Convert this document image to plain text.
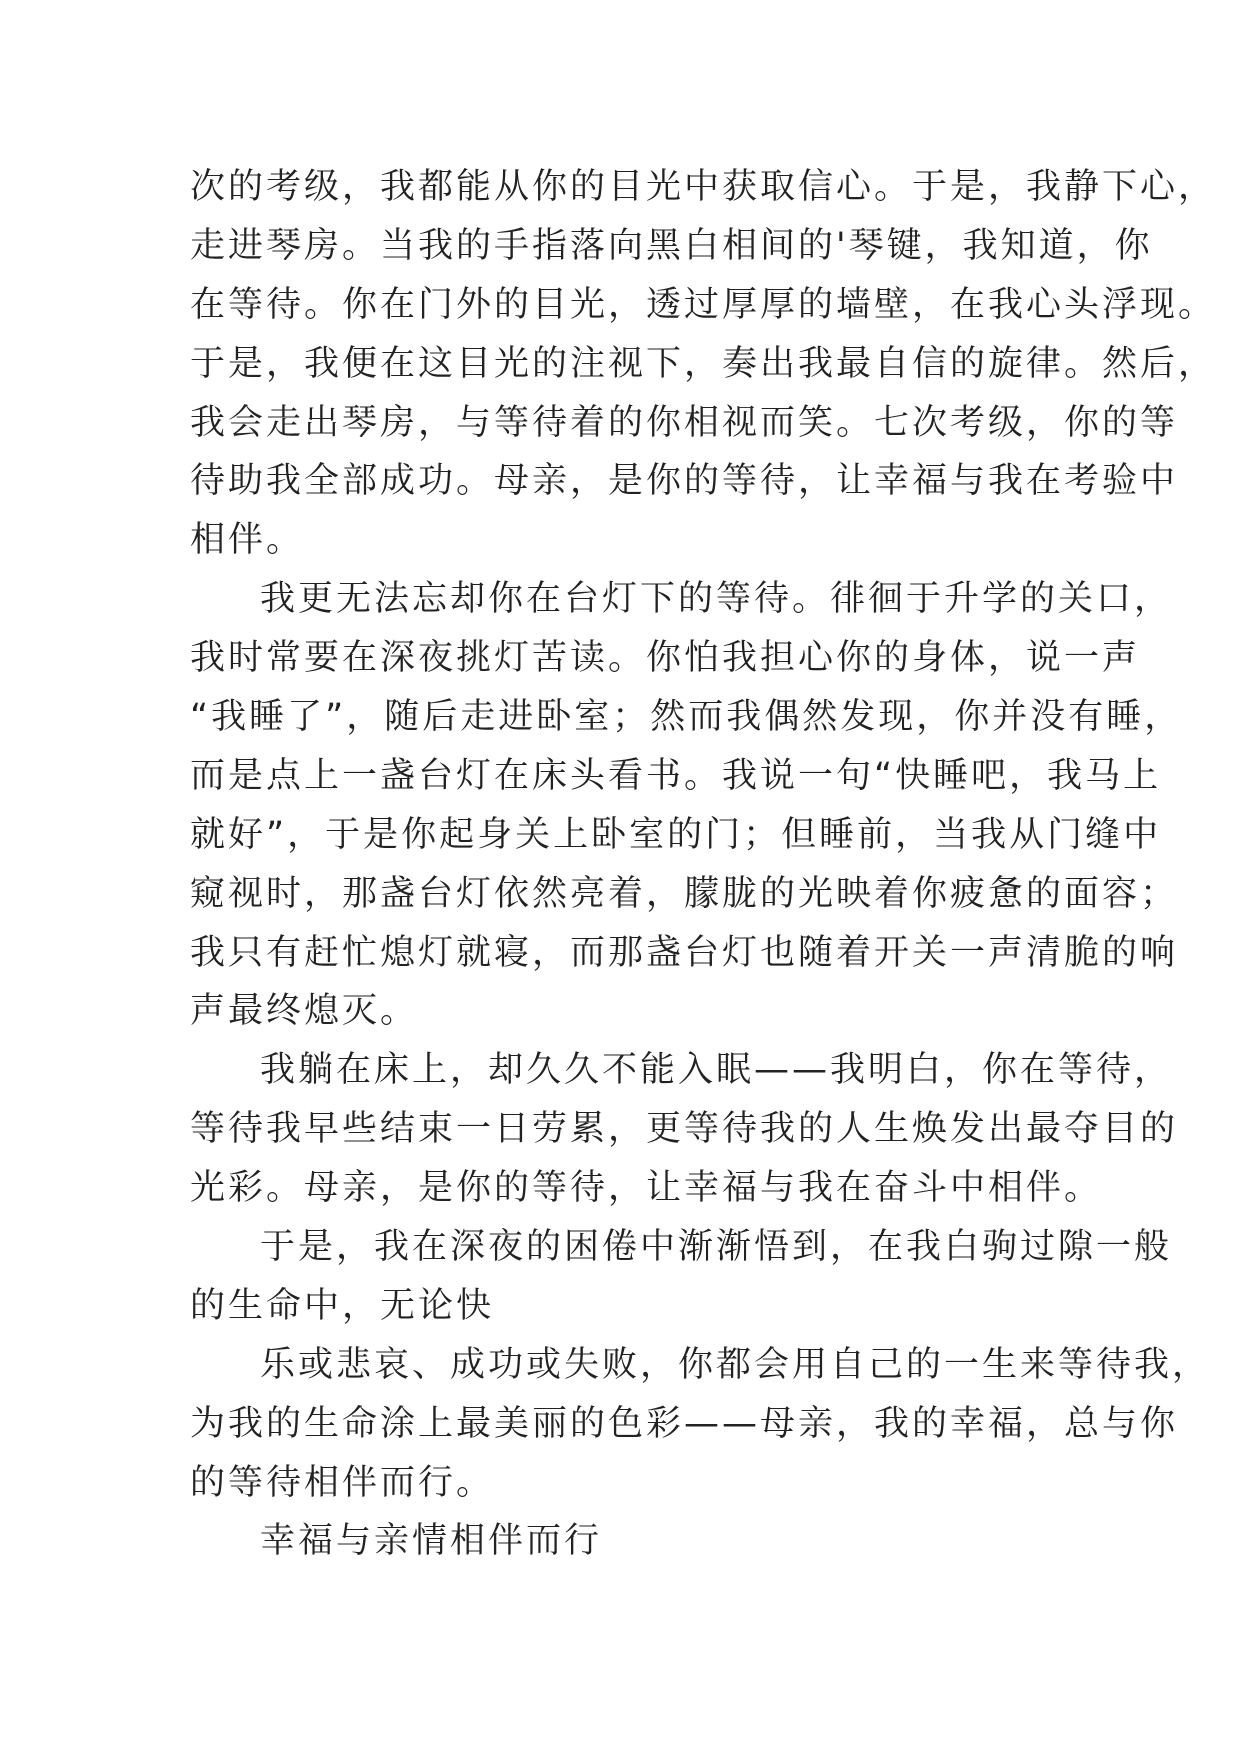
次的考级，我都能从你的目光中获取信心。于是，我静下心，
走进琴房。当我的手指落向黑白相间的'琴键，我知道，你
在等待。你在门外的目光，透过厚厚的墙壁，在我心头浮现。
于是，我便在这目光的注视下，奏出我最自信的旋律。然后，
我会走出琴房，与等待着的你相视而笑。七次考级，你的等
待助我全部成功。母亲，是你的等待，让幸福与我在考验中
相伴。
我更无法忘却你在台灯下的等待。徘徊于升学的关口，
我时常要在深夜挑灯苦读。你怕我担心你的身体，说一声
“我睡了”，随后走进卧室；然而我偶然发现，你并没有睡，
而是点上一盏台灯在床头看书。我说一句“快睡吧，我马上
就好”，于是你起身关上卧室的门；但睡前，当我从门缝中
窥视时，那盏台灯依然亮着，朦胧的光映着你疲惫的面容；
我只有赶忙熄灯就寝，而那盏台灯也随着开关一声清脆的响
声最终熄灭。
我躺在床上，却久久不能入眠——我明白，你在等待，
等待我早些结束一日劳累，更等待我的人生焕发出最夺目的
光彩。母亲，是你的等待，让幸福与我在奋斗中相伴。
于是，我在深夜的困倦中渐渐悟到，在我白驹过隙一般
的生命中，无论快
乐或悲哀、成功或失败，你都会用自己的一生来等待我，
为我的生命涂上最美丽的色彩——母亲，我的幸福，总与你
的等待相伴而行。
幸福与亲情相伴而行
